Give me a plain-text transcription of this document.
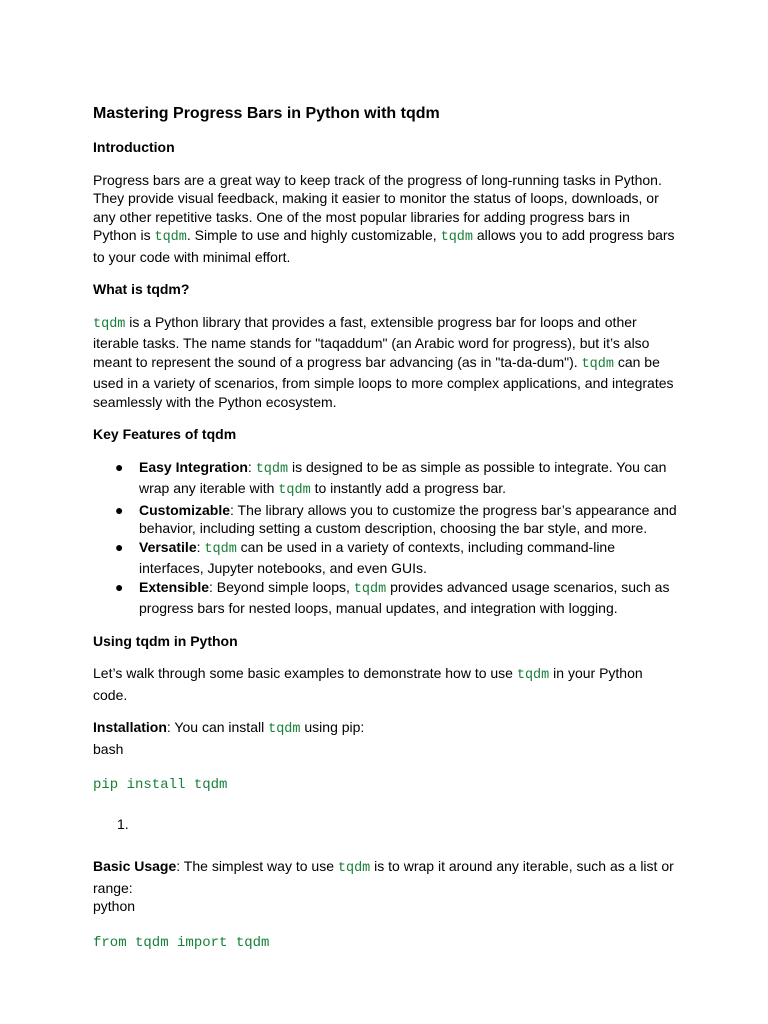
Mastering Progress Bars in Python with tqdm
Introduction

Progress bars are a great way to keep track of the progress of long-running tasks in Python. They provide visual feedback, making it easier to monitor the status of loops, downloads, or any other repetitive tasks. One of the most popular libraries for adding progress bars in Python is tqdm. Simple to use and highly customizable, tqdm allows you to add progress bars to your code with minimal effort.

What is tqdm?

tqdm is a Python library that provides a fast, extensible progress bar for loops and other iterable tasks. The name stands for "taqaddum" (an Arabic word for progress), but it’s also meant to represent the sound of a progress bar advancing (as in "ta-da-dum"). tqdm can be used in a variety of scenarios, from simple loops to more complex applications, and integrates seamlessly with the Python ecosystem.

Key Features of tqdm
● Easy Integration: tqdm is designed to be as simple as possible to integrate. You can wrap any iterable with tqdm to instantly add a progress bar.
● Customizable: The library allows you to customize the progress bar’s appearance and behavior, including setting a custom description, choosing the bar style, and more.
● Versatile: tqdm can be used in a variety of contexts, including command-line interfaces, Jupyter notebooks, and even GUIs.
● Extensible: Beyond simple loops, tqdm provides advanced usage scenarios, such as progress bars for nested loops, manual updates, and integration with logging.
Using tqdm in Python

Let’s walk through some basic examples to demonstrate how to use tqdm in your Python code.

Installation: You can install tqdm using pip:

bash
pip install tqdm
1.

Basic Usage: The simplest way to use tqdm is to wrap it around any iterable, such as a list or range:

python
from tqdm import tqdm
